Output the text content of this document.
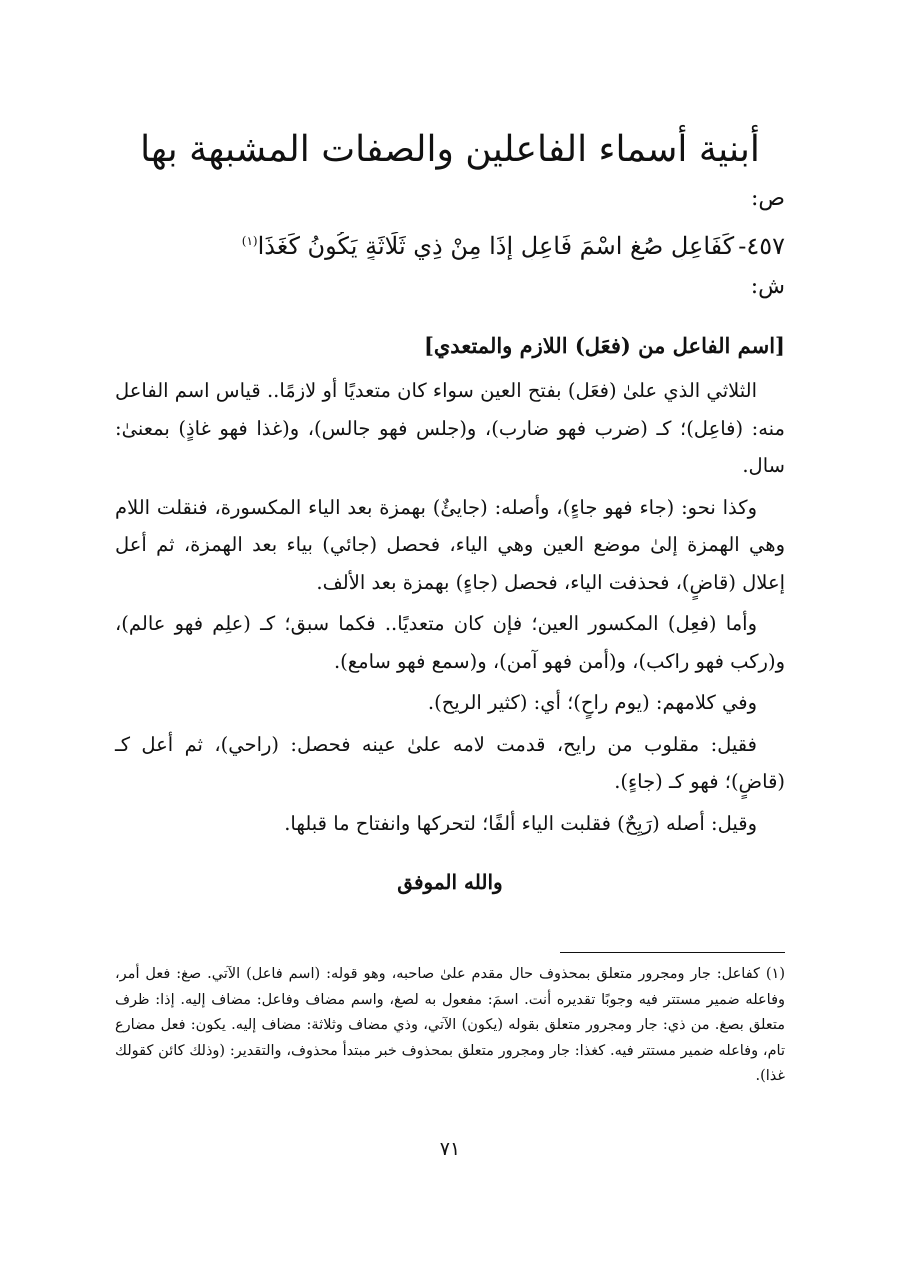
أبنية أسماء الفاعلين والصفات المشبهة بها

ص:

٤٥٧-كَفَاعِلٍ صُغِ اسْمَ فَاعِلٍ إِذَا مِنْ ذِي ثَلَاثَةٍ يَكُونُ كَغَذَا$^{(١)}$

ش:

[اسم الفاعل من (فعَل) اللازم والمتعدي]

الثلاثي الذي علىٰ (فعَل) بفتح العين سواء كان متعديًا أو لازمًا.. قياس اسم الفاعل منه: (فاعِل)؛ كـ (ضرب فهو ضارب)، و(جلس فهو جالس)، و(غذا فهو غاذٍ) بمعنىٰ: سال.

وكذا نحو: (جاء فهو جاءٍ)، وأصله: (جايئٌ) بهمزة بعد الياء المكسورة، فنقلت اللام وهي الهمزة إلىٰ موضع العين وهي الياء، فحصل (جائي) بياء بعد الهمزة، ثم أعل إعلال (قاضٍ)، فحذفت الياء، فحصل (جاءٍ) بهمزة بعد الألف.

وأما (فعِل) المكسور العين؛ فإن كان متعديًا.. فكما سبق؛ كـ (علِم فهو عالم)، و(ركب فهو راكب)، و(أمن فهو آمن)، و(سمع فهو سامع).

وفي كلامهم: (يوم راحٍ)؛ أي: (كثير الريح).

فقيل: مقلوب من رايح، قدمت لامه علىٰ عينه فحصل: (راحي)، ثم أعل كـ (قاضٍ)؛ فهو كـ (جاءٍ).

وقيل: أصله (رَيِحٌ) فقلبت الياء ألفًا؛ لتحركها وانفتاح ما قبلها.

والله الموفق

(١) كفاعل: جار ومجرور متعلق بمحذوف حال مقدم علىٰ صاحبه، وهو قوله: (اسم فاعل) الآتي. صغ: فعل أمر، وفاعله ضمير مستتر فيه وجوبًا تقديره أنت. اسمَ: مفعول به لصغ، واسم مضاف وفاعل: مضاف إليه. إذا: ظرف متعلق بصغ. من ذي: جار ومجرور متعلق بقوله (يكون) الآتي، وذي مضاف وثلاثة: مضاف إليه. يكون: فعل مضارع تام، وفاعله ضمير مستتر فيه. كغذا: جار ومجرور متعلق بمحذوف خبر مبتدأ محذوف، والتقدير: (وذلك كائن كقولك غذا).

٧١
